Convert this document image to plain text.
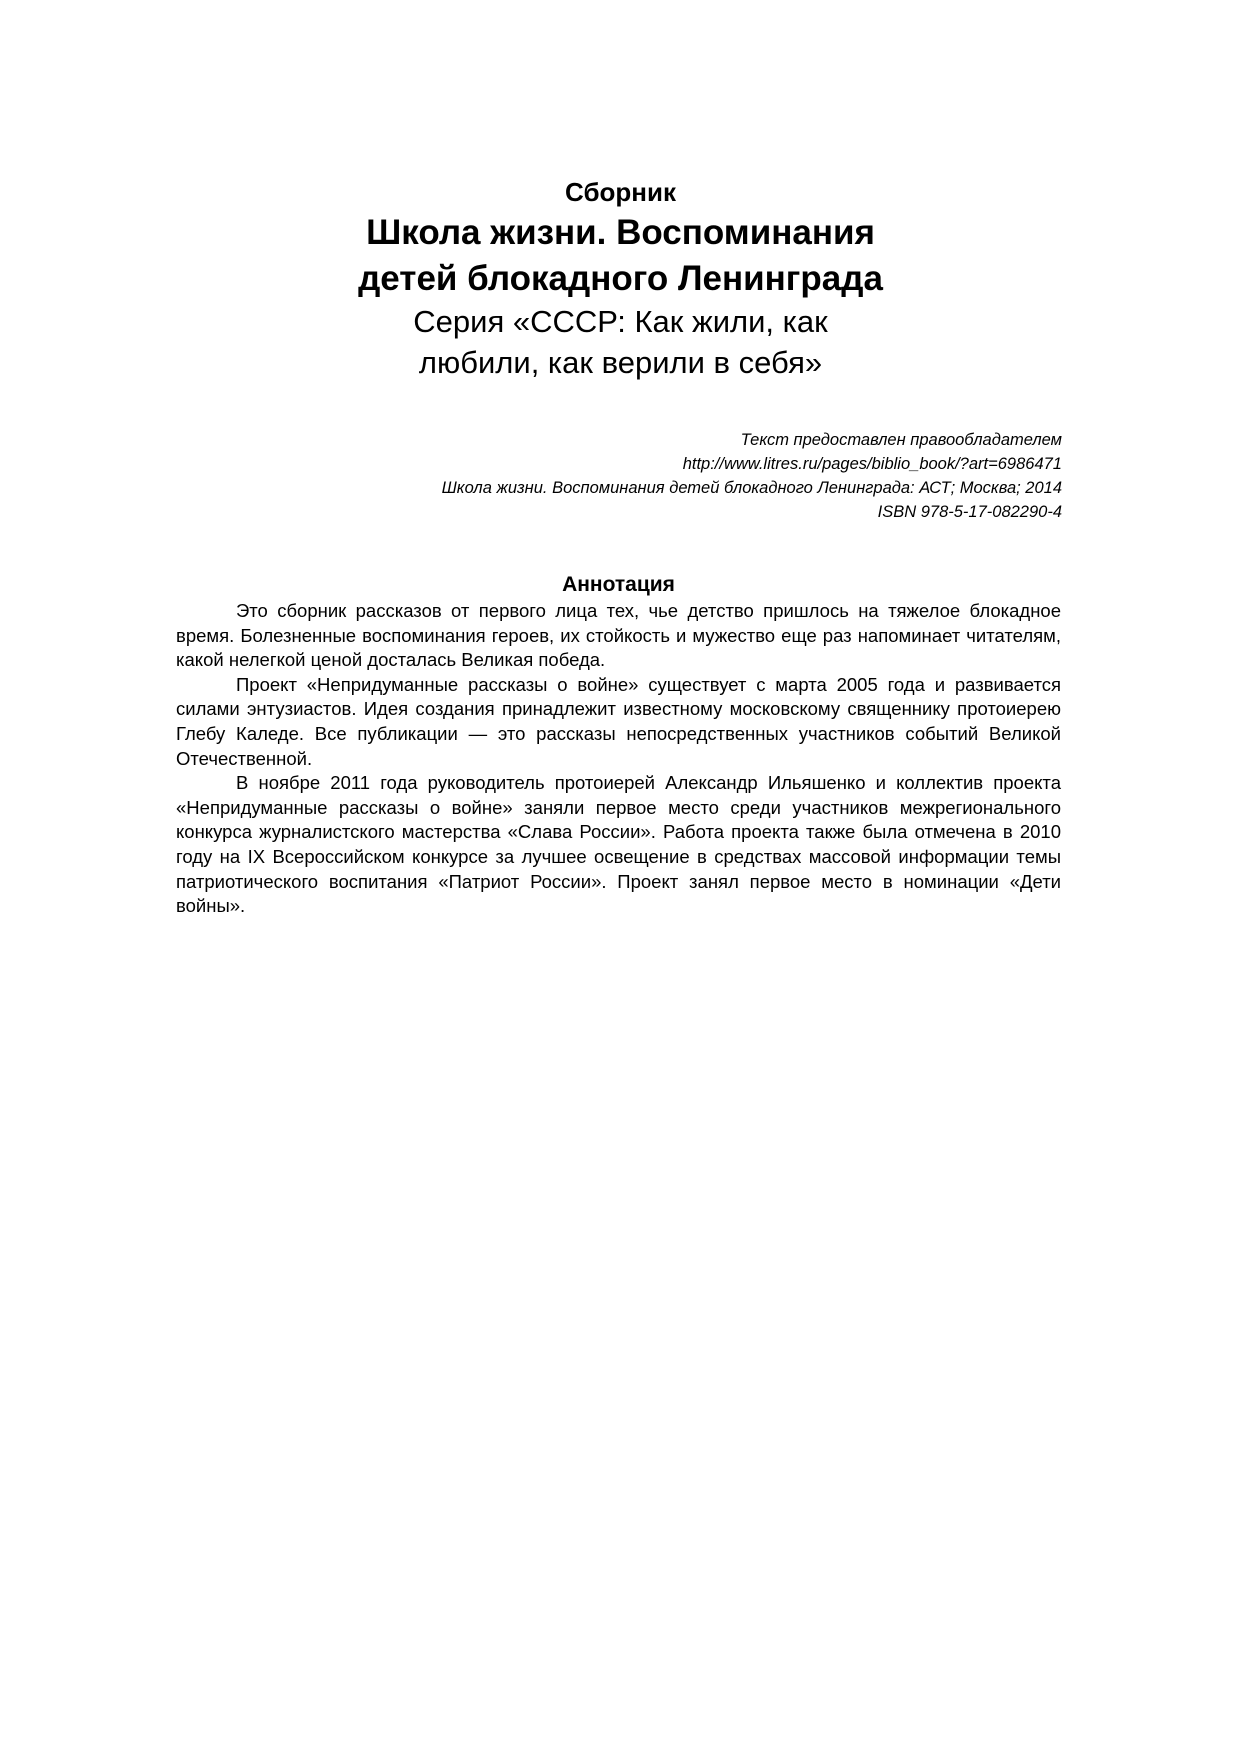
Сборник
Школа жизни. Воспоминания
детей блокадного Ленинграда
Серия «СССР: Как жили, как
любили, как верили в себя»
Текст предоставлен правообладателем
http://www.litres.ru/pages/biblio_book/?art=6986471
Школа жизни. Воспоминания детей блокадного Ленинграда: АСТ; Москва; 2014
ISBN 978-5-17-082290-4
Аннотация

Это сборник рассказов от первого лица тех, чье детство пришлось на тяжелое блокадное время. Болезненные воспоминания героев, их стойкость и мужество еще раз напоминает читателям, какой нелегкой ценой досталась Великая победа.

Проект «Непридуманные рассказы о войне» существует с марта 2005 года и развивается силами энтузиастов. Идея создания принадлежит известному московскому священнику протоиерею Глебу Каледе. Все публикации — это рассказы непосредственных участников событий Великой Отечественной.

В ноябре 2011 года руководитель протоиерей Александр Ильяшенко и коллектив проекта «Непридуманные рассказы о войне» заняли первое место среди участников межрегионального конкурса журналистского мастерства «Слава России». Работа проекта также была отмечена в 2010 году на IX Всероссийском конкурсе за лучшее освещение в средствах массовой информации темы патриотического воспитания «Патриот России». Проект занял первое место в номинации «Дети войны».
